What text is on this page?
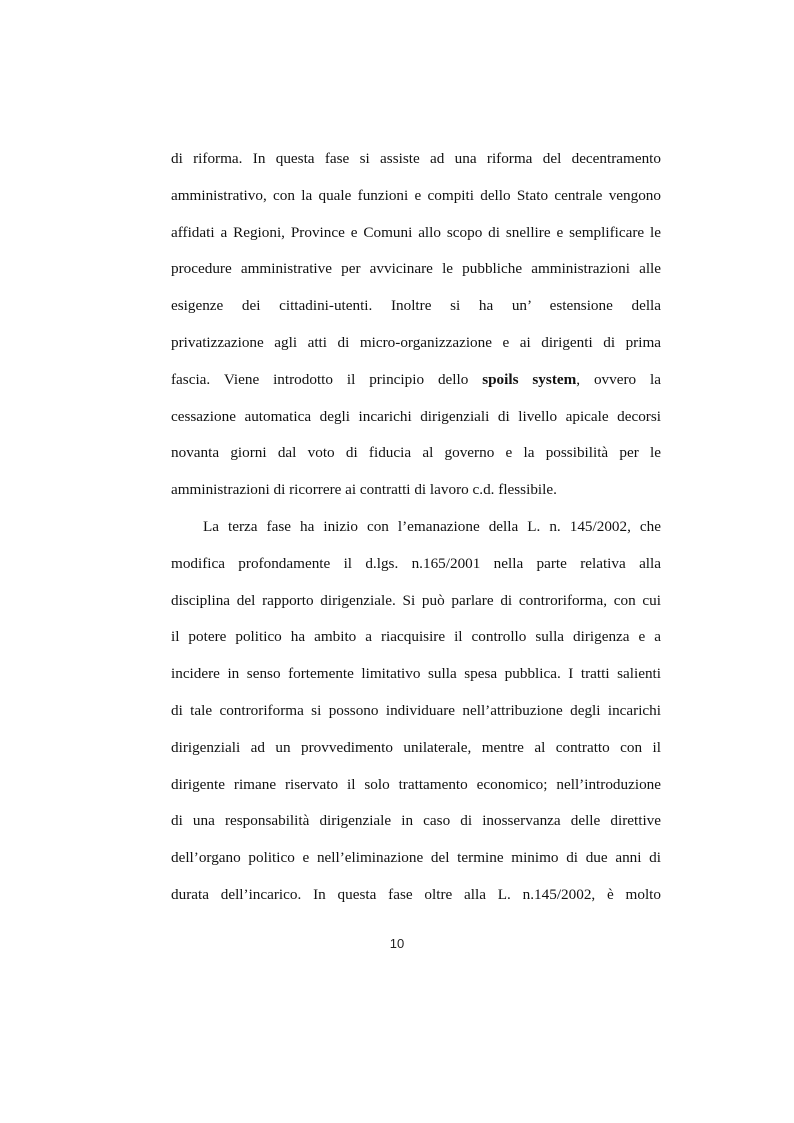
di riforma. In questa fase si assiste ad una riforma del decentramento
amministrativo, con la quale funzioni e compiti dello Stato centrale vengono
affidati a Regioni, Province e Comuni allo scopo di snellire e semplificare le
procedure amministrative per avvicinare le pubbliche amministrazioni alle
esigenze dei cittadini-utenti. Inoltre si ha un’ estensione della
privatizzazione agli atti di micro-organizzazione e ai dirigenti di prima
fascia. Viene introdotto il principio dello spoils system, ovvero la
cessazione automatica degli incarichi dirigenziali di livello apicale decorsi
novanta giorni dal voto di fiducia al governo e la possibilità per le
amministrazioni di ricorrere ai contratti di lavoro c.d. flessibile.
La terza fase ha inizio con l’emanazione della L. n. 145/2002, che
modifica profondamente il d.lgs. n.165/2001 nella parte relativa alla
disciplina del rapporto dirigenziale. Si può parlare di controriforma, con cui
il potere politico ha ambito a riacquisire il controllo sulla dirigenza e a
incidere in senso fortemente limitativo sulla spesa pubblica. I tratti salienti
di tale controriforma si possono individuare nell’attribuzione degli incarichi
dirigenziali ad un provvedimento unilaterale, mentre al contratto con il
dirigente rimane riservato il solo trattamento economico; nell’introduzione
di una responsabilità dirigenziale in caso di inosservanza delle direttive
dell’organo politico e nell’eliminazione del termine minimo di due anni di
durata dell’incarico. In questa fase oltre alla L. n.145/2002, è molto
10
